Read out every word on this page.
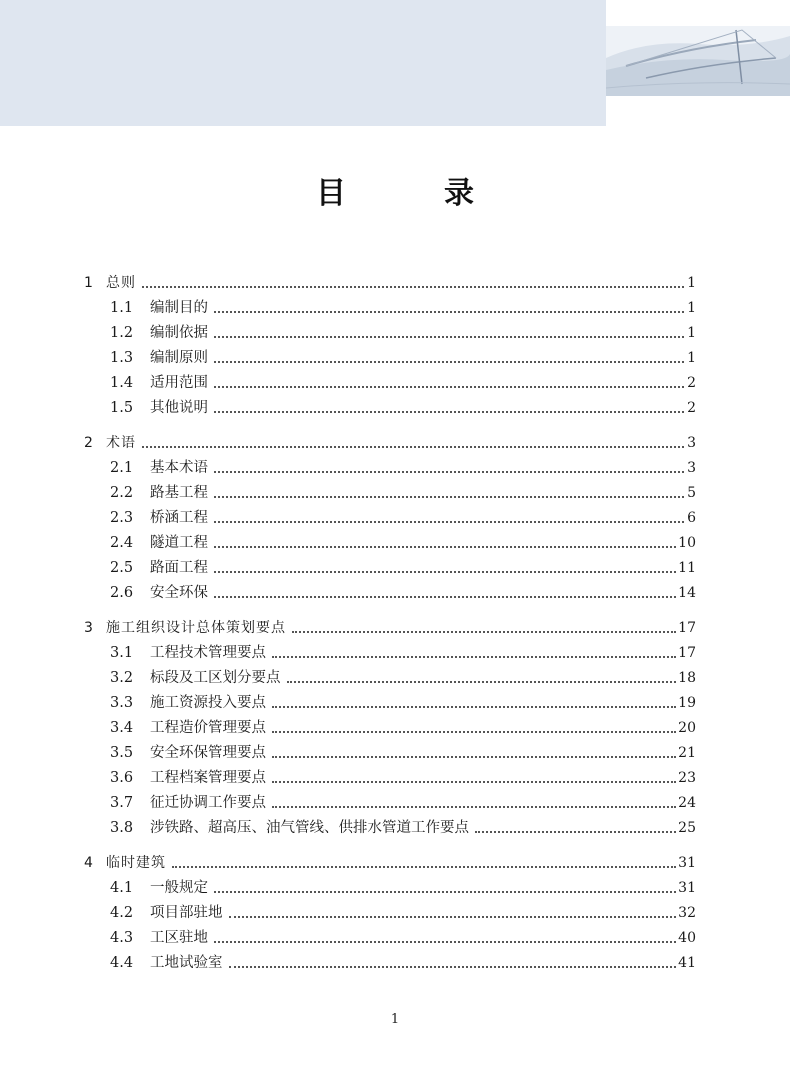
目　录
1 总则	1
1.1	编制目的	1
1.2	编制依据	1
1.3	编制原则	1
1.4	适用范围	2
1.5	其他说明	2
2 术语	3
2.1	基本术语	3
2.2	路基工程	5
2.3	桥涵工程	6
2.4	隧道工程	10
2.5	路面工程	11
2.6	安全环保	14
3 施工组织设计总体策划要点	17
3.1	工程技术管理要点	17
3.2	标段及工区划分要点	18
3.3	施工资源投入要点	19
3.4	工程造价管理要点	20
3.5	安全环保管理要点	21
3.6	工程档案管理要点	23
3.7	征迁协调工作要点	24
3.8	涉铁路、超高压、油气管线、供排水管道工作要点	25
4 临时建筑	31
4.1	一般规定	31
4.2	项目部驻地	32
4.3	工区驻地	40
4.4	工地试验室	41
1
